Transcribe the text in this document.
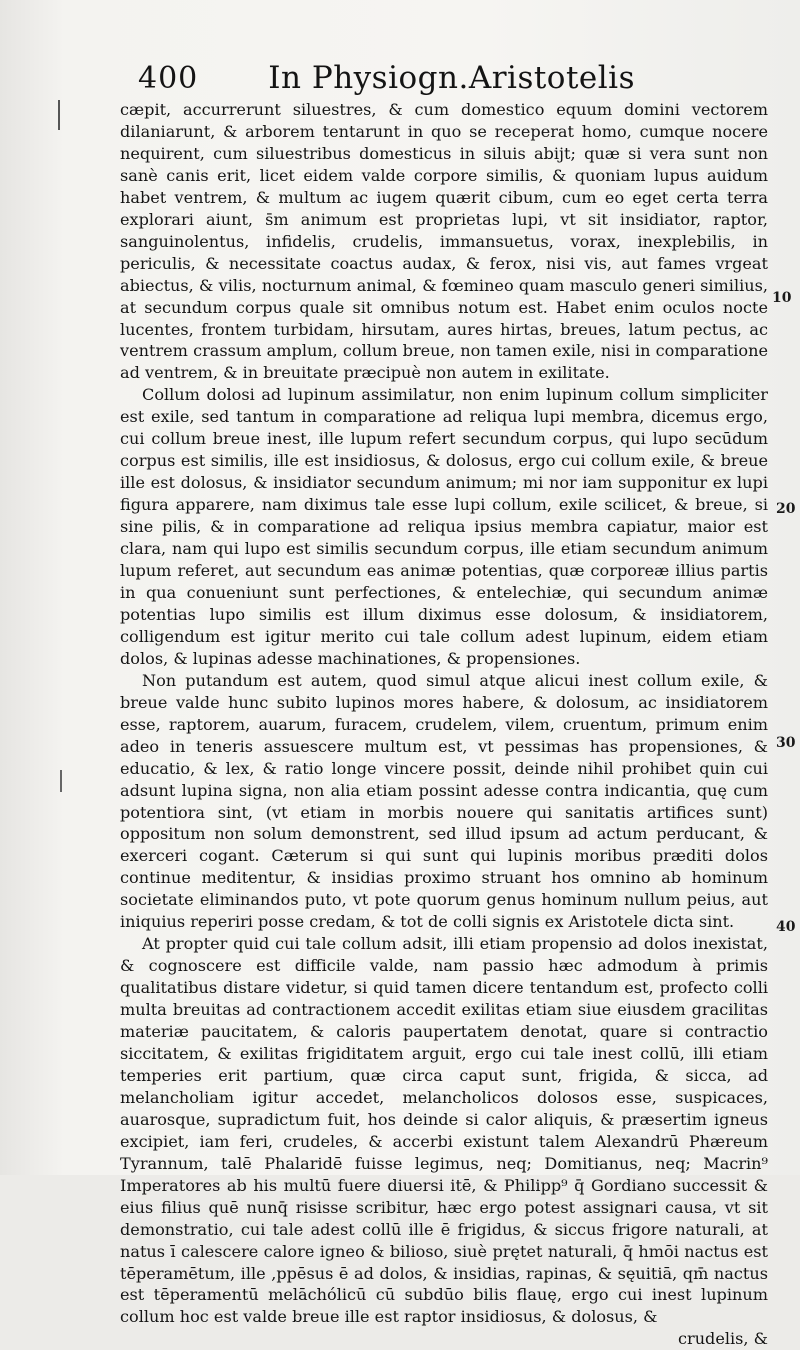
400 In Physiogn.Aristotelis

cæpit, accurrerunt siluestres, & cum domestico equum domini vectorem dilaniarunt, & arborem tentarunt in quo se receperat homo, cumque nocere nequirent, cum siluestribus domesticus in siluis abijt; quæ si vera sunt non sanè canis erit, licet eidem valde corpore similis, & quoniam lupus auidum habet ventrem, & multum ac iugem quærit cibum, cum eo eget certa terra explorari aiunt, s̄m animum est proprietas lupi, vt sit insidiator, raptor, sanguinolentus, infidelis, crudelis, immansuetus, vorax, inexplebilis, in periculis, & necessitate coactus audax, & ferox, nisi vis, aut fames vrgeat abiectus, & vilis, nocturnum animal, & fœmineo quam masculo generi similius, at secundum corpus quale sit omnibus notum est. Habet enim oculos nocte lucentes, frontem turbidam, hirsutam, aures hirtas, breues, latum pectus, ac ventrem crassum amplum, collum breue, non tamen exile, nisi in comparatione ad ventrem, & in breuitate præcipuè non autem in exilitate.

Collum dolosi ad lupinum assimilatur, non enim lupinum collum simpliciter est exile, sed tantum in comparatione ad reliqua lupi membra, dicemus ergo, cui collum breue inest, ille lupum refert secundum corpus, qui lupo secūdum corpus est similis, ille est insidiosus, & dolosus, ergo cui collum exile, & breue ille est dolosus, & insidiator secundum animum; mi nor iam supponitur ex lupi figura apparere, nam diximus tale esse lupi collum, exile scilicet, & breue, si sine pilis, & in comparatione ad reliqua ipsius membra capiatur, maior est clara, nam qui lupo est similis secundum corpus, ille etiam secundum animum lupum referet, aut secundum eas animæ potentias, quæ corporeæ illius partis in qua conueniunt sunt perfectiones, & entelechiæ, qui secundum animæ potentias lupo similis est illum diximus esse dolosum, & insidiatorem, colligendum est igitur merito cui tale collum adest lupinum, eidem etiam dolos, & lupinas adesse machinationes, & propensiones.

Non putandum est autem, quod simul atque alicui inest collum exile, & breue valde hunc subito lupinos mores habere, & dolosum, ac insidiatorem esse, raptorem, auarum, furacem, crudelem, vilem, cruentum, primum enim adeo in teneris assuescere multum est, vt pessimas has propensiones, & educatio, & lex, & ratio longe vincere possit, deinde nihil prohibet quin cui adsunt lupina signa, non alia etiam possint adesse contra indicantia, quę cum potentiora sint, (vt etiam in morbis nouere qui sanitatis artifices sunt) oppositum non solum demonstrent, sed illud ipsum ad actum perducant, & exerceri cogant. Cæterum si qui sunt qui lupinis moribus præditi dolos continue meditentur, & insidias proximo struant hos omnino ab hominum societate eliminandos puto, vt pote quorum genus hominum nullum peius, aut iniquius reperiri posse credam, & tot de colli signis ex Aristotele dicta sint.

At propter quid cui tale collum adsit, illi etiam propensio ad dolos inexistat, & cognoscere est difficile valde, nam passio hæc admodum à primis qualitatibus distare videtur, si quid tamen dicere tentandum est, profecto colli multa breuitas ad contractionem accedit exilitas etiam siue eiusdem gracilitas materiæ paucitatem, & caloris paupertatem denotat, quare si contractio siccitatem, & exilitas frigiditatem arguit, ergo cui tale inest collū, illi etiam temperies erit partium, quæ circa caput sunt, frigida, & sicca, ad melancholiam igitur accedet, melancholicos dolosos esse, suspicaces, auarosque, supradictum fuit, hos deinde si calor aliquis, & præsertim igneus excipiet, iam feri, crudeles, & accerbi existunt talem Alexandrū Phæreum Tyrannum, talē Phalaridē fuisse legimus, neq; Domitianus, neq; Macrin⁹ Imperatores ab his multū fuere diuersi itē, & Philipp⁹ q̄ Gordiano successit & eius filius quē nunq̄ risisse scribitur, hæc ergo potest assignari causa, vt sit demonstratio, cui tale adest collū ille ē frigidus, & siccus frigore naturali, at natus ī calescere calore igneo & bilioso, siuè prętet naturali, q̄ hmōi nactus est tēperamētum, ille ,ppēsus ē ad dolos, & insidias, rapinas, & sęuitiā, qm̄ nactus est tēperamentū melāchólicū cū subdūo bilis flauę, ergo cui inest lupinum collum hoc est valde breue ille est raptor insidiosus, & dolosus, &

crudelis, &

10
20
30
40
